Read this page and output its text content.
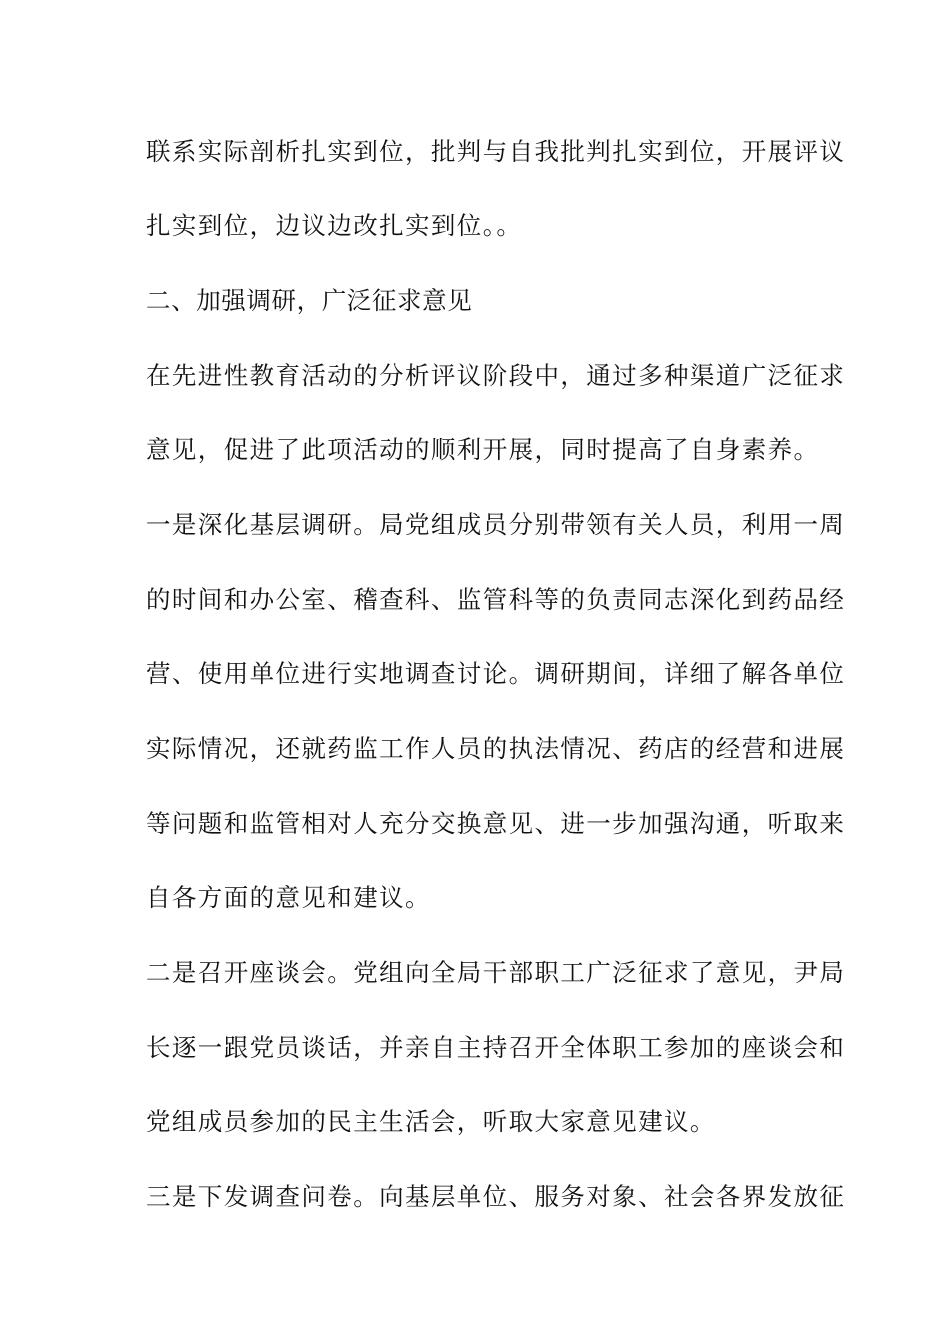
联系实际剖析扎实到位，批判与自我批判扎实到位，开展评议
扎实到位，边议边改扎实到位。。
二、加强调研，广泛征求意见
在先进性教育活动的分析评议阶段中，通过多种渠道广泛征求
意见，促进了此项活动的顺利开展，同时提高了自身素养。
一是深化基层调研。局党组成员分别带领有关人员，利用一周
的时间和办公室、稽查科、监管科等的负责同志深化到药品经
营、使用单位进行实地调查讨论。调研期间，详细了解各单位
实际情况，还就药监工作人员的执法情况、药店的经营和进展
等问题和监管相对人充分交换意见、进一步加强沟通，听取来
自各方面的意见和建议。
二是召开座谈会。党组向全局干部职工广泛征求了意见，尹局
长逐一跟党员谈话，并亲自主持召开全体职工参加的座谈会和
党组成员参加的民主生活会，听取大家意见建议。
三是下发调查问卷。向基层单位、服务对象、社会各界发放征
